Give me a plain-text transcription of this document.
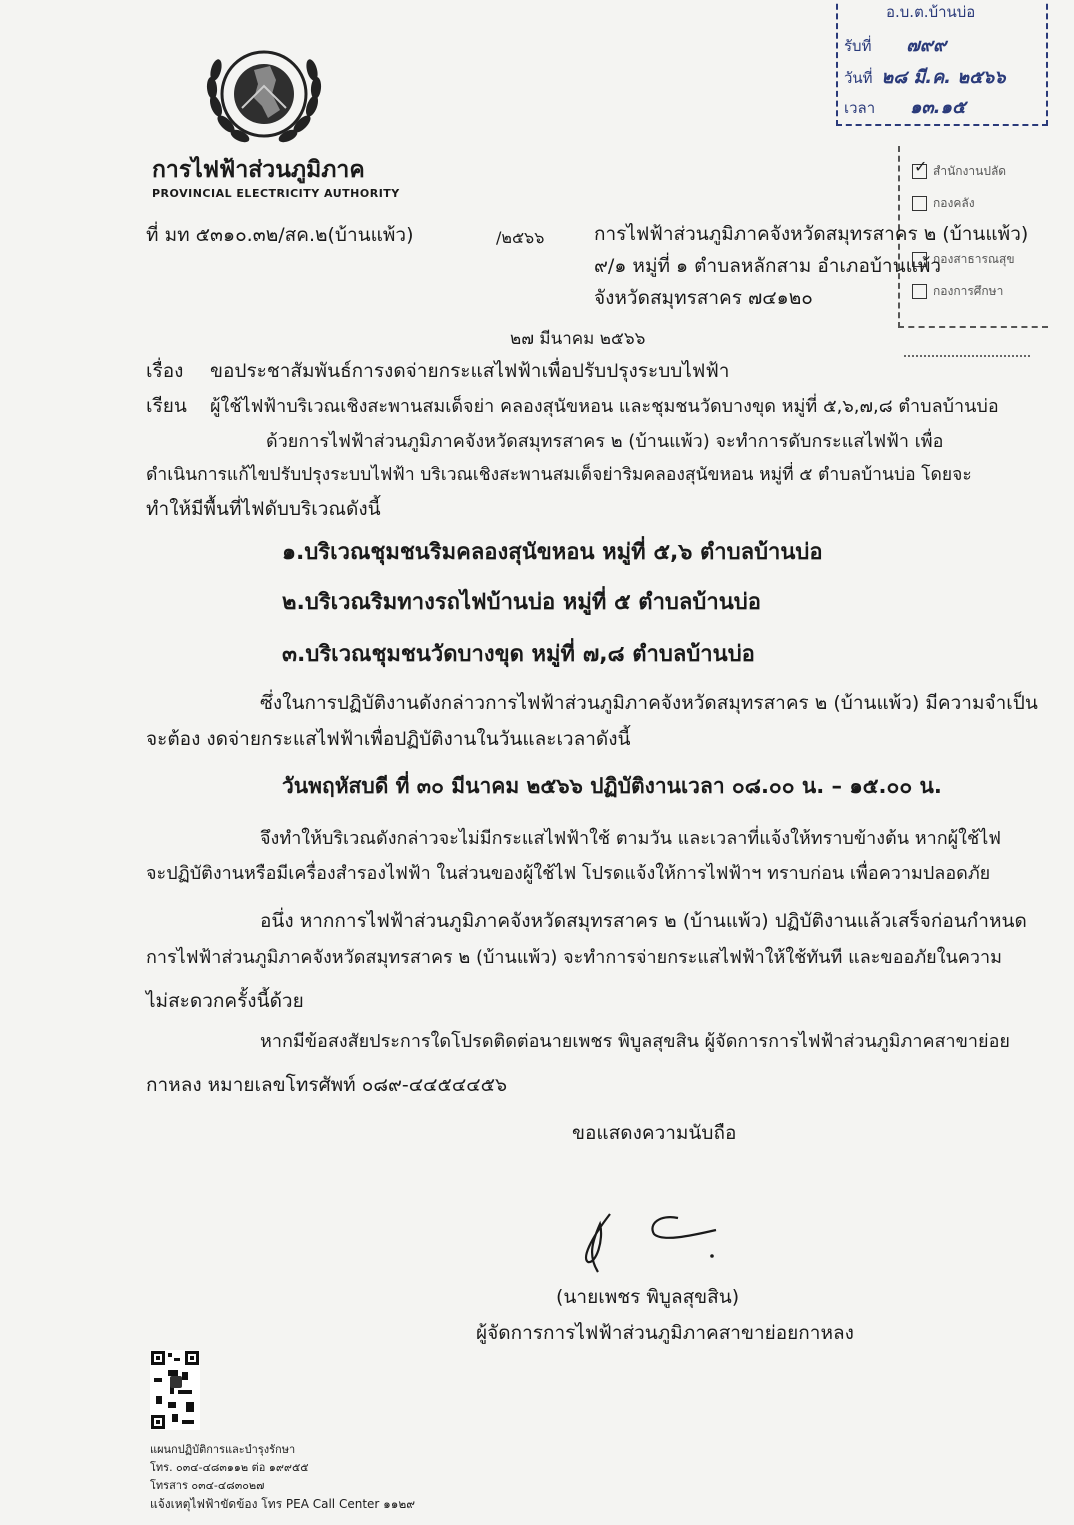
การไฟฟ้าส่วนภูมิภาค
PROVINCIAL ELECTRICITY AUTHORITY
อ.บ.ต.บ้านบ่อ
รับที่ ๗๙๙
วันที่ ๒๘ มี.ค. ๒๕๖๖
เวลา ๑๓.๑๕
✓ สำนักงานปลัด
กองคลัง
กองสาธารณสุข
กองการศึกษา
ที่ มท ๕๓๑๐.๓๒/สค.๒(บ้านแพ้ว)	/๒๕๖๖	การไฟฟ้าส่วนภูมิภาคจังหวัดสมุทรสาคร ๒ (บ้านแพ้ว)
๙/๑ หมู่ที่ ๑ ตำบลหลักสาม อำเภอบ้านแพ้ว
จังหวัดสมุทรสาคร ๗๔๑๒๐
๒๗ มีนาคม ๒๕๖๖
เรื่อง ขอประชาสัมพันธ์การงดจ่ายกระแสไฟฟ้าเพื่อปรับปรุงระบบไฟฟ้า
เรียน ผู้ใช้ไฟฟ้าบริเวณเชิงสะพานสมเด็จย่า คลองสุนัขหอน และชุมชนวัดบางขุด หมู่ที่ ๕,๖,๗,๘ ตำบลบ้านบ่อ
ด้วยการไฟฟ้าส่วนภูมิภาคจังหวัดสมุทรสาคร ๒ (บ้านแพ้ว) จะทำการดับกระแสไฟฟ้า เพื่อ
ดำเนินการแก้ไขปรับปรุงระบบไฟฟ้า บริเวณเชิงสะพานสมเด็จย่าริมคลองสุนัขหอน หมู่ที่ ๕ ตำบลบ้านบ่อ โดยจะ
ทำให้มีพื้นที่ไฟดับบริเวณดังนี้
๑.บริเวณชุมชนริมคลองสุนัขหอน หมู่ที่ ๕,๖ ตำบลบ้านบ่อ
๒.บริเวณริมทางรถไฟบ้านบ่อ หมู่ที่ ๕ ตำบลบ้านบ่อ
๓.บริเวณชุมชนวัดบางขุด หมู่ที่ ๗,๘ ตำบลบ้านบ่อ
ซึ่งในการปฏิบัติงานดังกล่าวการไฟฟ้าส่วนภูมิภาคจังหวัดสมุทรสาคร ๒ (บ้านแพ้ว) มีความจำเป็น
จะต้อง งดจ่ายกระแสไฟฟ้าเพื่อปฏิบัติงานในวันและเวลาดังนี้
วันพฤหัสบดี ที่ ๓๐ มีนาคม ๒๕๖๖ ปฏิบัติงานเวลา ๐๘.๐๐ น. – ๑๕.๐๐ น.
จึงทำให้บริเวณดังกล่าวจะไม่มีกระแสไฟฟ้าใช้ ตามวัน และเวลาที่แจ้งให้ทราบข้างต้น หากผู้ใช้ไฟ
จะปฏิบัติงานหรือมีเครื่องสำรองไฟฟ้า ในส่วนของผู้ใช้ไฟ โปรดแจ้งให้การไฟฟ้าฯ ทราบก่อน เพื่อความปลอดภัย
อนึ่ง หากการไฟฟ้าส่วนภูมิภาคจังหวัดสมุทรสาคร ๒ (บ้านแพ้ว) ปฏิบัติงานแล้วเสร็จก่อนกำหนด
การไฟฟ้าส่วนภูมิภาคจังหวัดสมุทรสาคร ๒ (บ้านแพ้ว) จะทำการจ่ายกระแสไฟฟ้าให้ใช้ทันที และขออภัยในความ
ไม่สะดวกครั้งนี้ด้วย
หากมีข้อสงสัยประการใดโปรดติดต่อนายเพชร พิบูลสุขสิน ผู้จัดการการไฟฟ้าส่วนภูมิภาคสาขาย่อย
กาหลง หมายเลขโทรศัพท์ ๐๘๙-๔๔๕๔๔๕๖
ขอแสดงความนับถือ
(นายเพชร พิบูลสุขสิน)
ผู้จัดการการไฟฟ้าส่วนภูมิภาคสาขาย่อยกาหลง
แผนกปฏิบัติการและบำรุงรักษา
โทร. ๐๓๔-๔๘๓๑๑๒ ต่อ ๑๙๙๕๕
โทรสาร ๐๓๔-๔๘๓๐๒๗
แจ้งเหตุไฟฟ้าขัดข้อง โทร PEA Call Center ๑๑๒๙
